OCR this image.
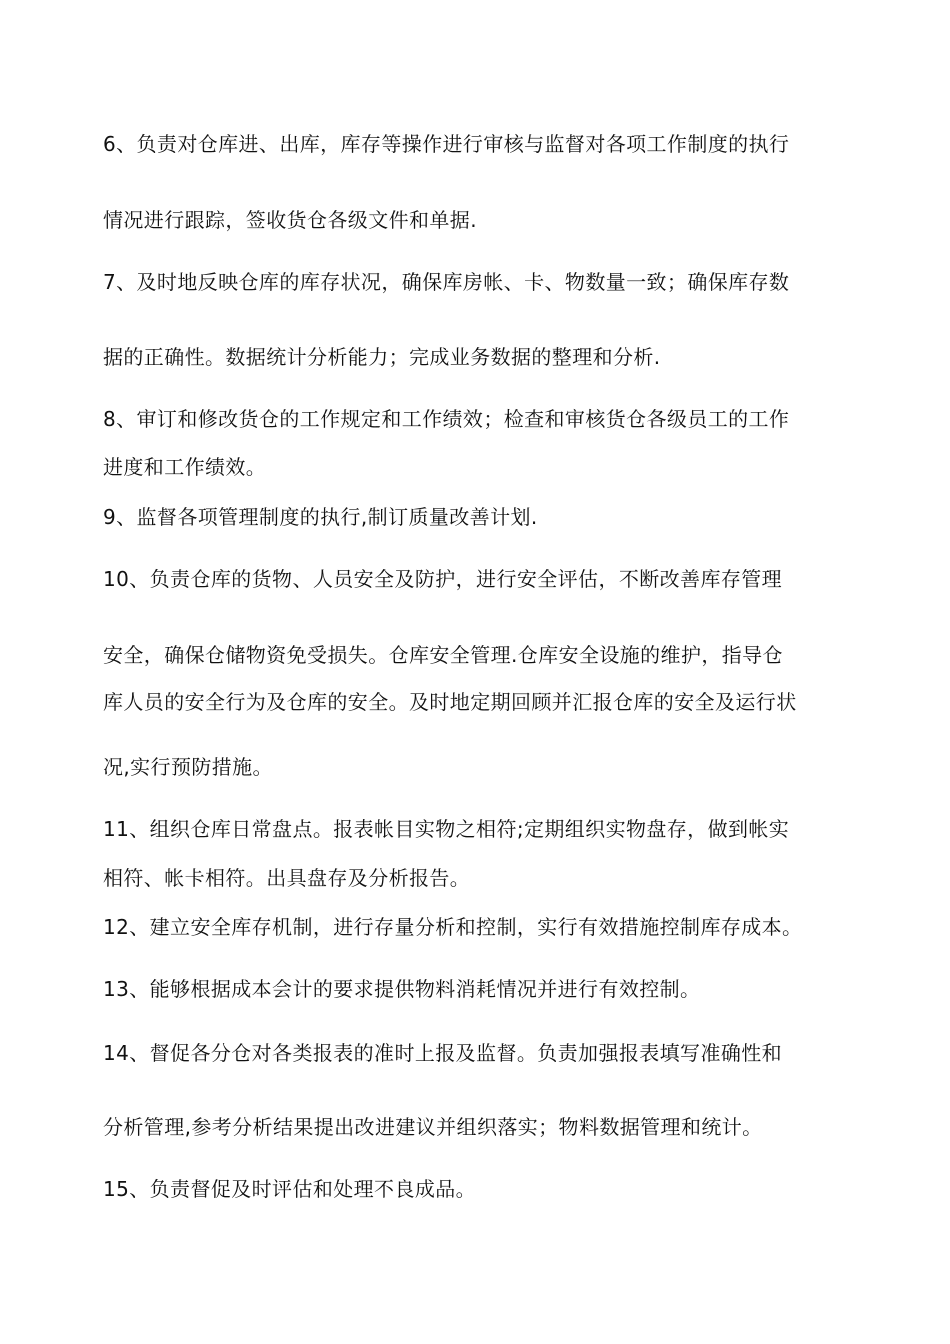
6、负责对仓库进、出库，库存等操作进行审核与监督对各项工作制度的执行
情况进行跟踪，签收货仓各级文件和单据.
7、及时地反映仓库的库存状况，确保库房帐、卡、物数量一致；确保库存数
据的正确性。数据统计分析能力；完成业务数据的整理和分析.
8、审订和修改货仓的工作规定和工作绩效；检查和审核货仓各级员工的工作
进度和工作绩效。
9、监督各项管理制度的执行,制订质量改善计划.
10、负责仓库的货物、人员安全及防护，进行安全评估，不断改善库存管理
安全，确保仓储物资免受损失。仓库安全管理.仓库安全设施的维护，指导仓
库人员的安全行为及仓库的安全。及时地定期回顾并汇报仓库的安全及运行状
况,实行预防措施。
11、组织仓库日常盘点。报表帐目实物之相符;定期组织实物盘存，做到帐实
相符、帐卡相符。出具盘存及分析报告。
12、建立安全库存机制，进行存量分析和控制，实行有效措施控制库存成本。
13、能够根据成本会计的要求提供物料消耗情况并进行有效控制。
14、督促各分仓对各类报表的准时上报及监督。负责加强报表填写准确性和
分析管理,参考分析结果提出改进建议并组织落实；物料数据管理和统计。
15、负责督促及时评估和处理不良成品。
